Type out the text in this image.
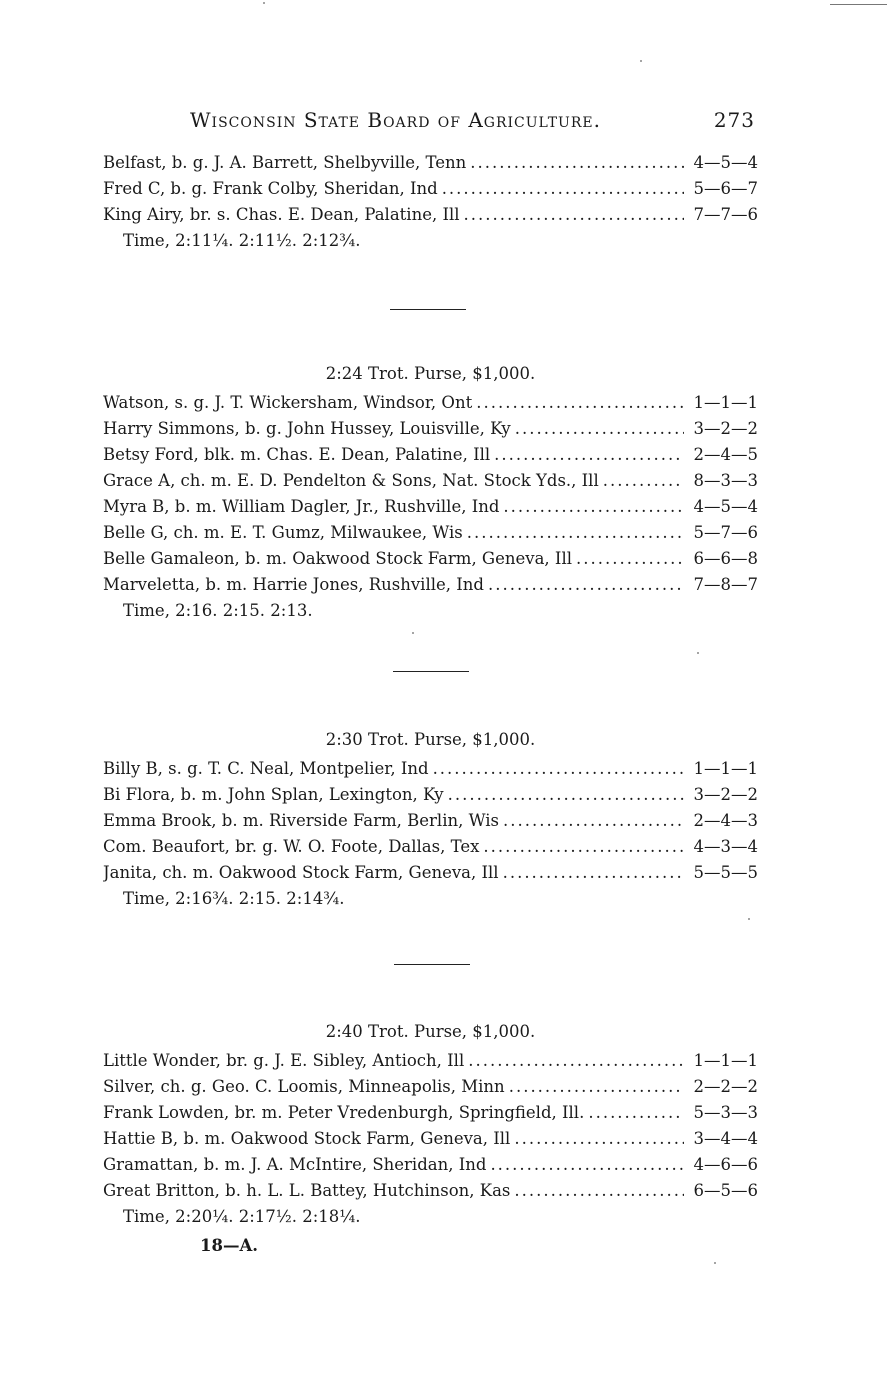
Wisconsin State Board of Agriculture.	273
Belfast, b. g. J. A. Barrett, Shelbyville, Tenn .....	4—5—4
Fred C, b. g. Frank Colby, Sheridan, Ind .....	5—6—7
King Airy, br. s. Chas. E. Dean, Palatine, Ill .....	7—7—6
Time, 2:11¼. 2:11½. 2:12¾.
2:24 Trot. Purse, $1,000.
Watson, s. g. J. T. Wickersham, Windsor, Ont .....	1—1—1
Harry Simmons, b. g. John Hussey, Louisville, Ky .....	3—2—2
Betsy Ford, blk. m. Chas. E. Dean, Palatine, Ill .....	2—4—5
Grace A, ch. m. E. D. Pendelton & Sons, Nat. Stock Yds., Ill .....	8—3—3
Myra B, b. m. William Dagler, Jr., Rushville, Ind .....	4—5—4
Belle G, ch. m. E. T. Gumz, Milwaukee, Wis .....	5—7—6
Belle Gamaleon, b. m. Oakwood Stock Farm, Geneva, Ill .....	6—6—8
Marveletta, b. m. Harrie Jones, Rushville, Ind .....	7—8—7
Time, 2:16. 2:15. 2:13.
2:30 Trot. Purse, $1,000.
Billy B, s. g. T. C. Neal, Montpelier, Ind .....	1—1—1
Bi Flora, b. m. John Splan, Lexington, Ky .....	3—2—2
Emma Brook, b. m. Riverside Farm, Berlin, Wis .....	2—4—3
Com. Beaufort, br. g. W. O. Foote, Dallas, Tex .....	4—3—4
Janita, ch. m. Oakwood Stock Farm, Geneva, Ill .....	5—5—5
Time, 2:16¾. 2:15. 2:14¾.
2:40 Trot. Purse, $1,000.
Little Wonder, br. g. J. E. Sibley, Antioch, Ill .....	1—1—1
Silver, ch. g. Geo. C. Loomis, Minneapolis, Minn .....	2—2—2
Frank Lowden, br. m. Peter Vredenburgh, Springfield, Ill. .....	5—3—3
Hattie B, b. m. Oakwood Stock Farm, Geneva, Ill .....	3—4—4
Gramattan, b. m. J. A. McIntire, Sheridan, Ind .....	4—6—6
Great Britton, b. h. L. L. Battey, Hutchinson, Kas .....	6—5—6
Time, 2:20¼. 2:17½. 2:18¼.
18—A.
